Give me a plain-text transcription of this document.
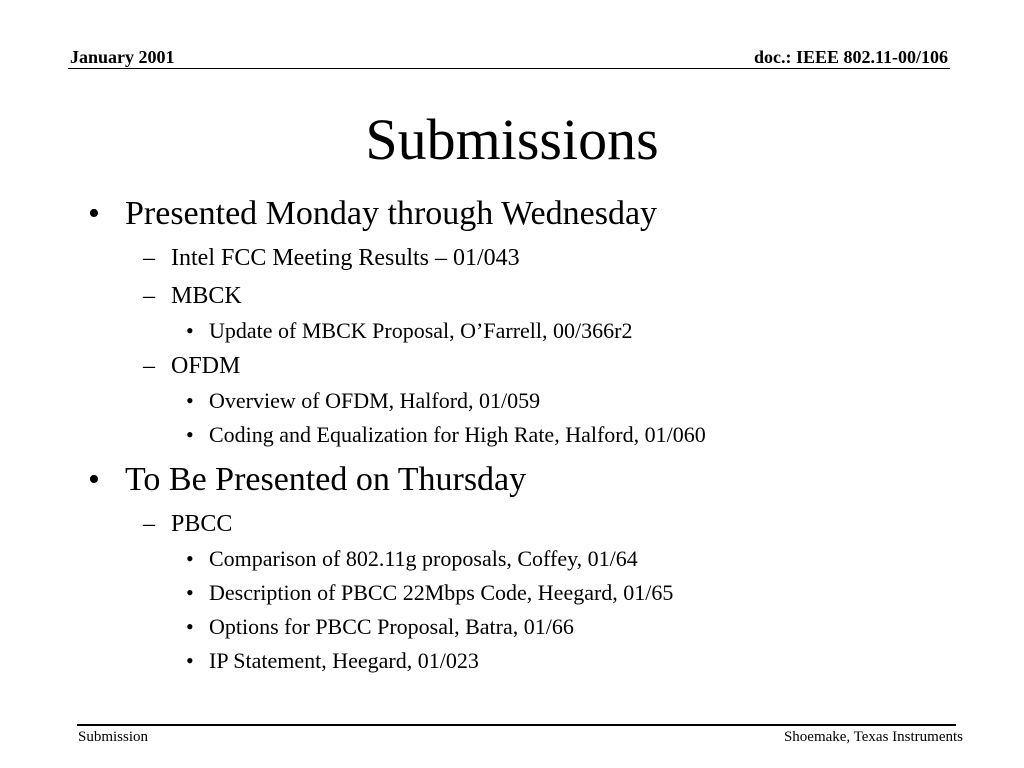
January 2001	doc.: IEEE 802.11-00/106
Submissions
• Presented Monday through Wednesday
– Intel FCC Meeting Results – 01/043
– MBCK
• Update of MBCK Proposal, O’Farrell, 00/366r2
– OFDM
• Overview of OFDM, Halford, 01/059
• Coding and Equalization for High Rate, Halford, 01/060
• To Be Presented on Thursday
– PBCC
• Comparison of 802.11g proposals, Coffey, 01/64
• Description of PBCC 22Mbps Code, Heegard, 01/65
• Options for PBCC Proposal, Batra, 01/66
• IP Statement, Heegard, 01/023
Submission	Shoemake, Texas Instruments
